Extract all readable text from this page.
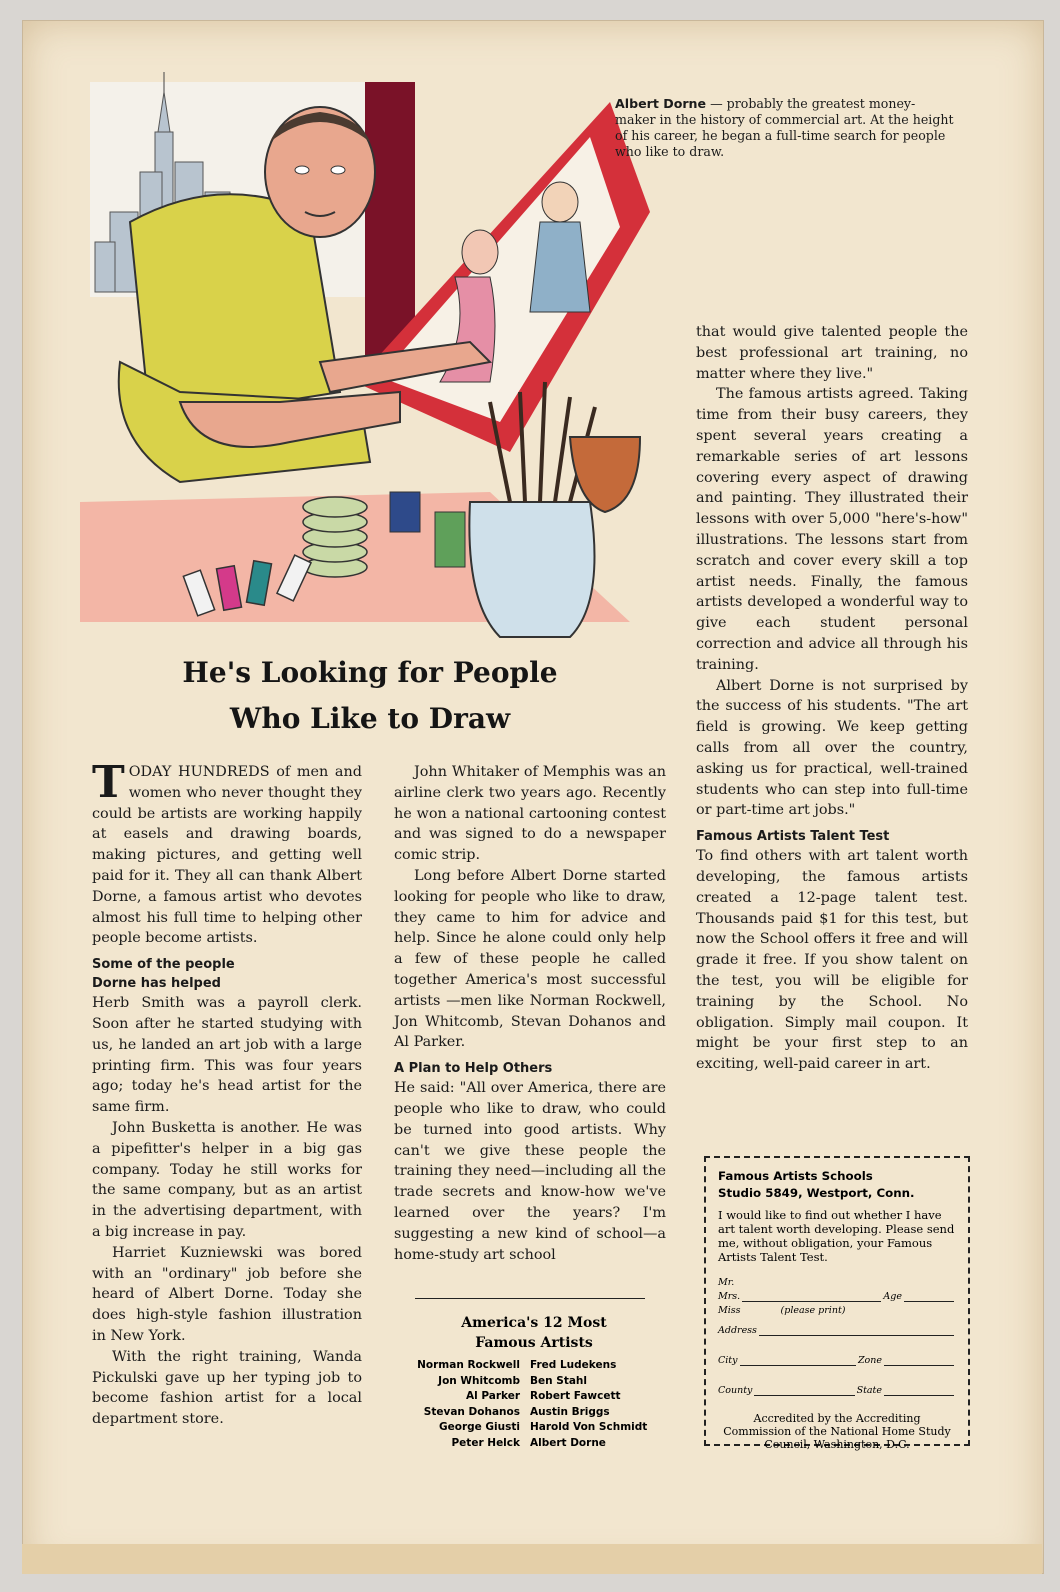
Albert Dorne — probably the greatest money-maker in the history of commercial art. At the height of his career, he began a full-time search for people who like to draw.
He's Looking for People
Who Like to Draw

TODAY HUNDREDS of men and women who never thought they could be artists are working happily at easels and drawing boards, making pictures, and getting well paid for it. They all can thank Albert Dorne, a famous artist who devotes almost his full time to helping other people become artists.

Some of the people
Dorne has helped

Herb Smith was a payroll clerk. Soon after he started studying with us, he landed an art job with a large printing firm. This was four years ago; today he's head artist for the same firm.

John Busketta is another. He was a pipefitter's helper in a big gas company. Today he still works for the same company, but as an artist in the advertising department, with a big increase in pay.

Harriet Kuzniewski was bored with an "ordinary" job before she heard of Albert Dorne. Today she does high-style fashion illustration in New York.

With the right training, Wanda Pickulski gave up her typing job to become fashion artist for a local department store.

John Whitaker of Memphis was an airline clerk two years ago. Recently he won a national cartooning contest and was signed to do a newspaper comic strip.

Long before Albert Dorne started looking for people who like to draw, they came to him for advice and help. Since he alone could only help a few of these people he called together America's most successful artists —men like Norman Rockwell, Jon Whitcomb, Stevan Dohanos and Al Parker.

A Plan to Help Others

He said: "All over America, there are people who like to draw, who could be turned into good artists. Why can't we give these people the training they need—including all the trade secrets and know-how we've learned over the years? I'm suggesting a new kind of school—a home-study art school

America's 12 Most
Famous Artists
Norman Rockwell Fred Ludekens
Jon Whitcomb Ben Stahl
Al Parker Robert Fawcett
Stevan Dohanos Austin Briggs
George Giusti Harold Von Schmidt
Peter Helck Albert Dorne

that would give talented people the best professional art training, no matter where they live."

The famous artists agreed. Taking time from their busy careers, they spent several years creating a remarkable series of art lessons covering every aspect of drawing and painting. They illustrated their lessons with over 5,000 "here's-how" illustrations. The lessons start from scratch and cover every skill a top artist needs. Finally, the famous artists developed a wonderful way to give each student personal correction and advice all through his training.

Albert Dorne is not surprised by the success of his students. "The art field is growing. We keep getting calls from all over the country, asking us for practical, well-trained students who can step into full-time or part-time art jobs."

Famous Artists Talent Test

To find others with art talent worth developing, the famous artists created a 12-page talent test. Thousands paid $1 for this test, but now the School offers it free and will grade it free. If you show talent on the test, you will be eligible for training by the School. No obligation. Simply mail coupon. It might be your first step to an exciting, well-paid career in art.

Famous Artists Schools
Studio 5849, Westport, Conn.
I would like to find out whether I have art talent worth developing. Please send me, without obligation, your Famous Artists Talent Test.
Mr.
Mrs.	Age
Miss	(please print)
Address
City	Zone
County	State
Accredited by the Accrediting Commission of the National Home Study Council, Washington, D.C.
